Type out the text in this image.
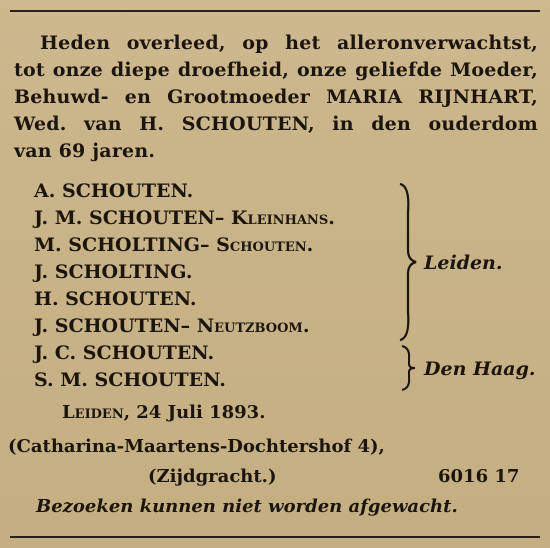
Heden overleed, op het alleronverwachtst,
tot onze diepe droefheid, onze geliefde Moeder,
Behuwd- en Grootmoeder MARIA RIJNHART,
Wed. van H. SCHOUTEN, in den ouderdom
van 69 jaren.
A. SCHOUTEN.
J. M. SCHOUTEN– Kleinhans.
M. SCHOLTING– Schouten.
J. SCHOLTING.
H. SCHOUTEN.
J. SCHOUTEN– Neutzboom.
J. C. SCHOUTEN.
S. M. SCHOUTEN.
Leiden.
Den Haag.
Leiden, 24 Juli 1893.
(Catharina-Maartens-Dochtershof 4),
(Zijdgracht.)	6016 17
Bezoeken kunnen niet worden afgewacht.
